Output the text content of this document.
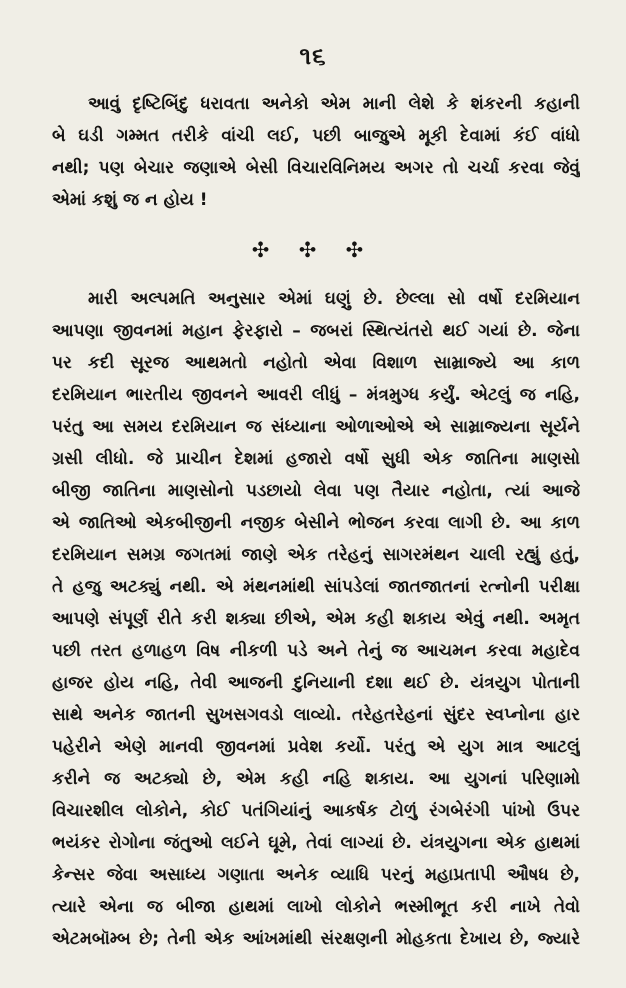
૧૬
આવું દૃષ્ટિબિંદુ ધરાવતા અનેકો એમ માની લેશે કે શંકરની કહાની
બે ઘડી ગમ્મત તરીકે વાંચી લઈ, પછી બાજુએ મૂકી દેવામાં કંઈ વાંધો
નથી; પણ બેચાર જણાએ બેસી વિચારવિનિમય અગર તો ચર્ચા કરવા જેવું
એમાં કશું જ ન હોય !
✣ ✣ ✣
મારી અલ્પમતિ અનુસાર એમાં ઘણું છે. છેલ્લા સો વર્ષો દરમિયાન
આપણા જીવનમાં મહાન ફેરફારો – જબરાં સ્થિત્યંતરો થઈ ગયાં છે. જેના
પર કદી સૂરજ આથમતો નહોતો એવા વિશાળ સામ્રાજ્યે આ કાળ
દરમિયાન ભારતીય જીવનને આવરી લીધું – મંત્રમુગ્ધ કર્યું. એટલું જ નહિ,
પરંતુ આ સમય દરમિયાન જ સંધ્યાના ઓળાઓએ એ સામ્રાજ્યના સૂર્યને
ગ્રસી લીધો. જે પ્રાચીન દેશમાં હજારો વર્ષો સુધી એક જાતિના માણસો
બીજી જાતિના માણસોનો પડછાયો લેવા પણ તૈયાર નહોતા, ત્યાં આજે
એ જાતિઓ એકબીજીની નજીક બેસીને ભોજન કરવા લાગી છે. આ કાળ
દરમિયાન સમગ્ર જગતમાં જાણે એક તરેહનું સાગરમંથન ચાલી રહ્યું હતું,
તે હજુ અટક્યું નથી. એ મંથનમાંથી સાંપડેલાં જાતજાતનાં રત્નોની પરીક્ષા
આપણે સંપૂર્ણ રીતે કરી શક્યા છીએ, એમ કહી શકાય એવું નથી. અમૃત
પછી તરત હળાહળ વિષ નીકળી પડે અને તેનું જ આચમન કરવા મહાદેવ
હાજર હોય નહિ, તેવી આજની દુનિયાની દશા થઈ છે. યંત્રયુગ પોતાની
સાથે અનેક જાતની સુખસગવડો લાવ્યો. તરેહતરેહનાં સુંદર સ્વપ્નોના હાર
પહેરીને એણે માનવી જીવનમાં પ્રવેશ કર્યો. પરંતુ એ યુગ માત્ર આટલું
કરીને જ અટક્યો છે, એમ કહી નહિ શકાય. આ યુગનાં પરિણામો
વિચારશીલ લોકોને, કોઈ પતંગિયાંનું આકર્ષક ટોળું રંગબેરંગી પાંખો ઉપર
ભયંકર રોગોના જંતુઓ લઈને ઘૂમે, તેવાં લાગ્યાં છે. યંત્રયુગના એક હાથમાં
કેન્સર જેવા અસાધ્ય ગણાતા અનેક વ્યાધિ પરનું મહાપ્રતાપી ઔષધ છે,
ત્યારે એના જ બીજા હાથમાં લાખો લોકોને ભસ્મીભૂત કરી નાખે તેવો
એટમબૉમ્બ છે; તેની એક આંખમાંથી સંરક્ષણની મોહકતા દેખાય છે, જ્યારે
